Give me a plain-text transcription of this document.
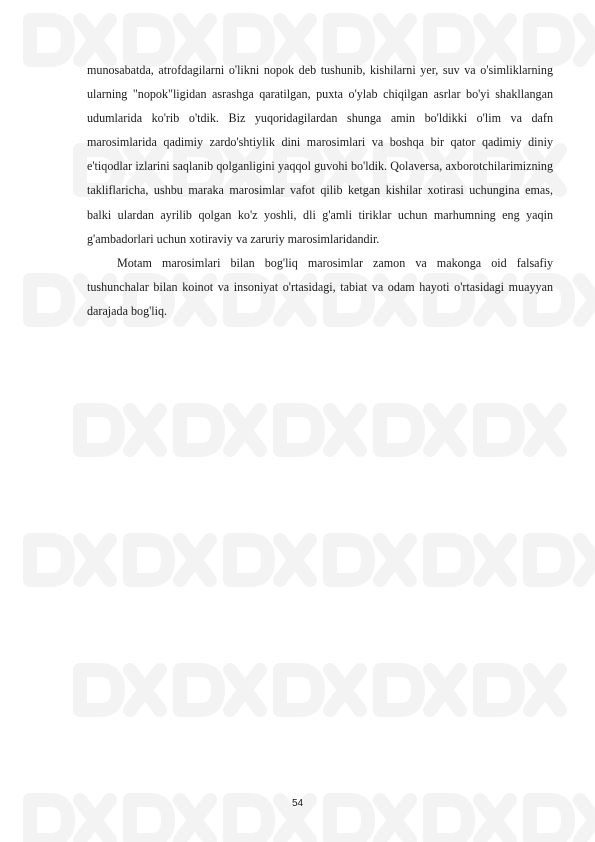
munosabatda, atrofdagilarni o'likni nopok deb tushunib, kishilarni yer, suv va o'simliklarning ularning "nopok"ligidan asrashga qaratilgan, puxta o'ylab chiqilgan asrlar bo'yi shakllangan udumlarida ko'rib o'tdik. Biz yuqoridagilardan shunga amin bo'ldikki o'lim va dafn marosimlarida qadimiy zardo'shtiylik dini marosimlari va boshqa bir qator qadimiy diniy e'tiqodlar izlarini saqlanib qolganligini yaqqol guvohi bo'ldik. Qolaversa, axborotchilarimizning takliflaricha, ushbu maraka marosimlar vafot qilib ketgan kishilar xotirasi uchungina emas, balki ulardan ayrilib qolgan ko'z yoshli, dli g'amli tiriklar uchun marhumning eng yaqin g'ambadorlari uchun xotiraviy va zaruriy marosimlaridandir.

Motam marosimlari bilan bog'liq marosimlar zamon va makonga oid falsafiy tushunchalar bilan koinot va insoniyat o'rtasidagi, tabiat va odam hayoti o'rtasidagi muayyan darajada bog'liq.

54
